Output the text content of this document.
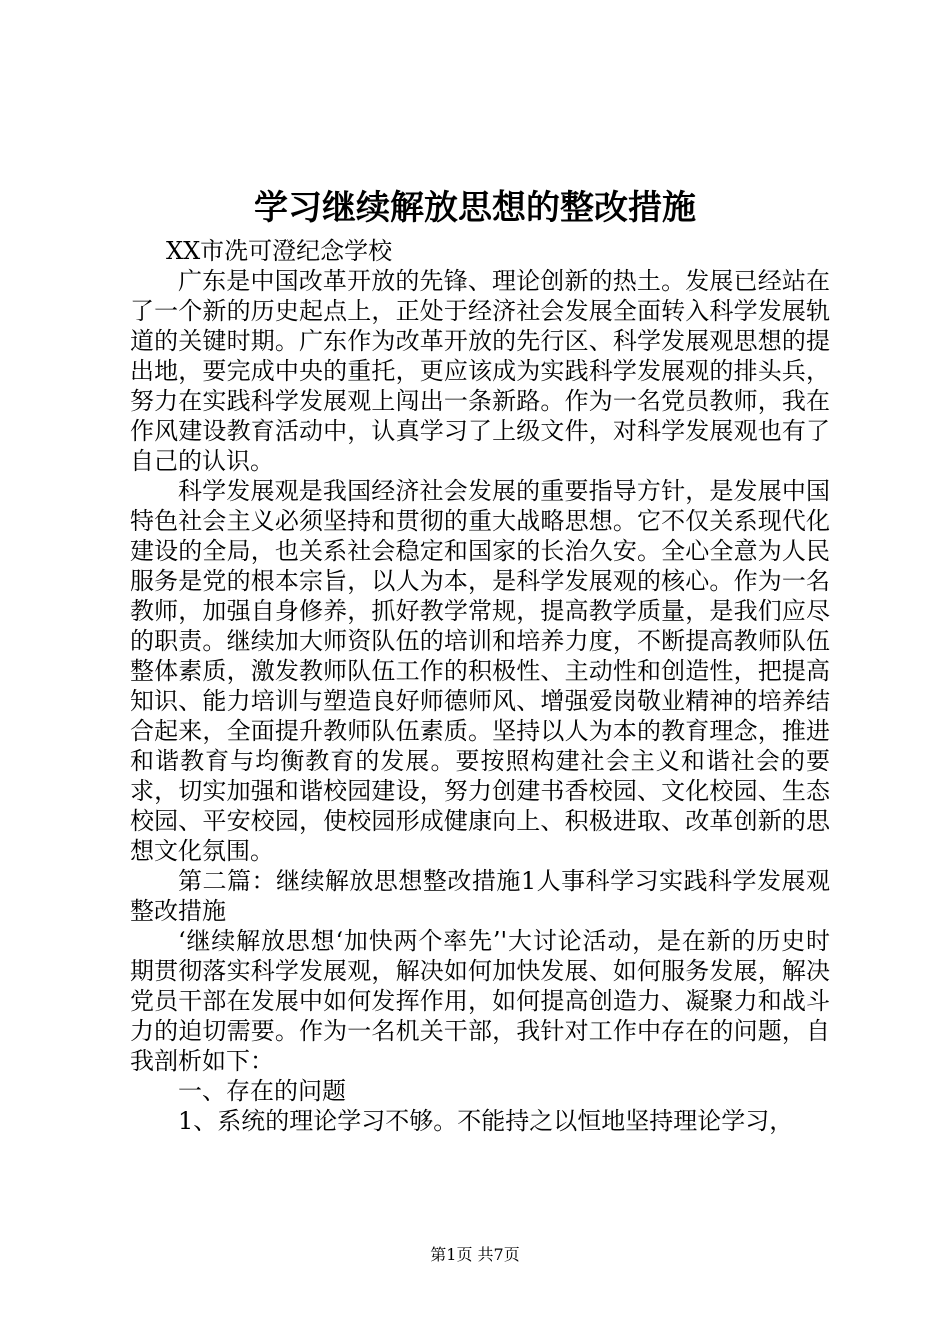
学习继续解放思想的整改措施

XX市冼可澄纪念学校

广东是中国改革开放的先锋、理论创新的热土。发展已经站在了一个新的历史起点上，正处于经济社会发展全面转入科学发展轨道的关键时期。广东作为改革开放的先行区、科学发展观思想的提出地，要完成中央的重托，更应该成为实践科学发展观的排头兵，努力在实践科学发展观上闯出一条新路。作为一名党员教师，我在作风建设教育活动中，认真学习了上级文件，对科学发展观也有了自己的认识。

科学发展观是我国经济社会发展的重要指导方针，是发展中国特色社会主义必须坚持和贯彻的重大战略思想。它不仅关系现代化建设的全局，也关系社会稳定和国家的长治久安。全心全意为人民服务是党的根本宗旨，以人为本，是科学发展观的核心。作为一名教师，加强自身修养，抓好教学常规，提高教学质量，是我们应尽的职责。继续加大师资队伍的培训和培养力度，不断提高教师队伍整体素质，激发教师队伍工作的积极性、主动性和创造性，把提高知识、能力培训与塑造良好师德师风、增强爱岗敬业精神的培养结合起来，全面提升教师队伍素质。坚持以人为本的教育理念，推进和谐教育与均衡教育的发展。要按照构建社会主义和谐社会的要求，切实加强和谐校园建设，努力创建书香校园、文化校园、生态校园、平安校园，使校园形成健康向上、积极进取、改革创新的思想文化氛围。

第二篇：继续解放思想整改措施1人事科学习实践科学发展观整改措施

‘继续解放思想‘加快两个率先’'大讨论活动，是在新的历史时期贯彻落实科学发展观，解决如何加快发展、如何服务发展，解决党员干部在发展中如何发挥作用，如何提高创造力、凝聚力和战斗力的迫切需要。作为一名机关干部，我针对工作中存在的问题，自我剖析如下：

一、存在的问题

1、系统的理论学习不够。不能持之以恒地坚持理论学习，

第1页 共7页
